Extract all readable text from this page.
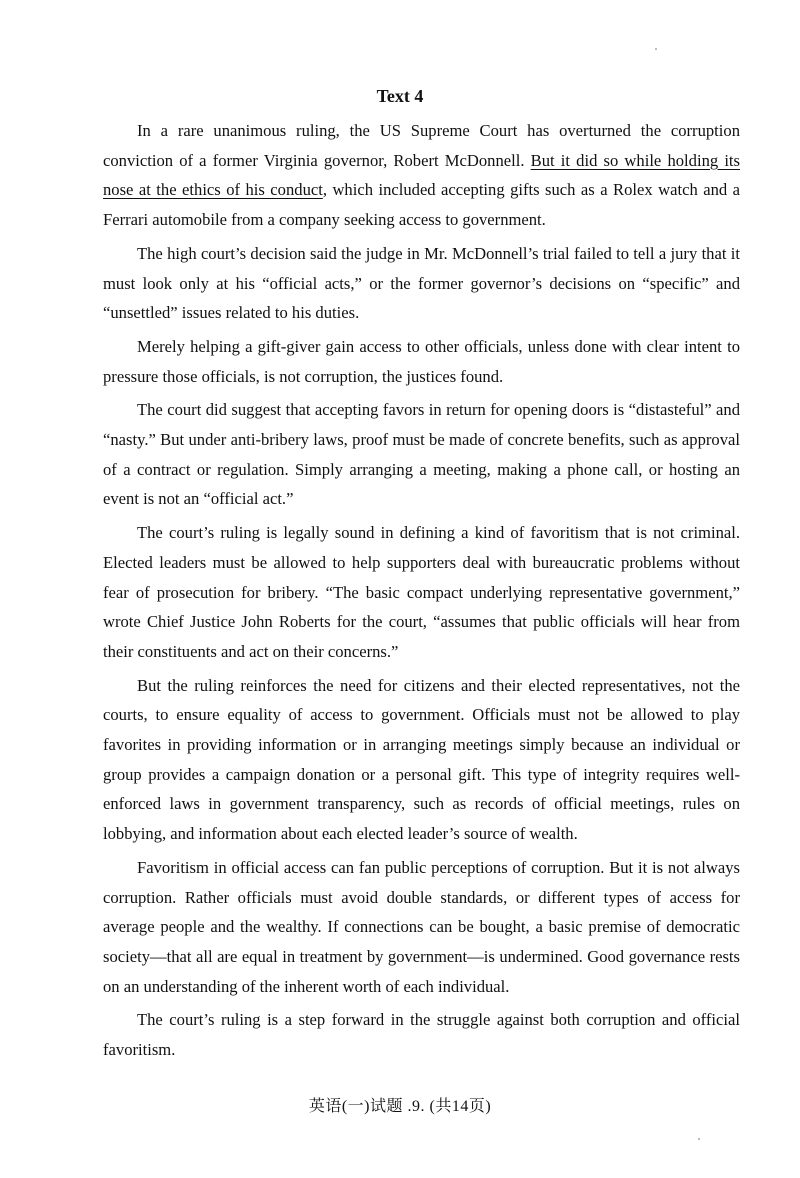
Text 4

In a rare unanimous ruling, the US Supreme Court has overturned the corruption conviction of a former Virginia governor, Robert McDonnell. But it did so while holding its nose at the ethics of his conduct, which included accepting gifts such as a Rolex watch and a Ferrari automobile from a company seeking access to government.

The high court’s decision said the judge in Mr. McDonnell’s trial failed to tell a jury that it must look only at his “official acts,” or the former governor’s decisions on “specific” and “unsettled” issues related to his duties.

Merely helping a gift-giver gain access to other officials, unless done with clear intent to pressure those officials, is not corruption, the justices found.

The court did suggest that accepting favors in return for opening doors is “distasteful” and “nasty.” But under anti-bribery laws, proof must be made of concrete benefits, such as approval of a contract or regulation. Simply arranging a meeting, making a phone call, or hosting an event is not an “official act.”

The court’s ruling is legally sound in defining a kind of favoritism that is not criminal. Elected leaders must be allowed to help supporters deal with bureaucratic problems without fear of prosecution for bribery. “The basic compact underlying representative government,” wrote Chief Justice John Roberts for the court, “assumes that public officials will hear from their constituents and act on their concerns.”

But the ruling reinforces the need for citizens and their elected representatives, not the courts, to ensure equality of access to government. Officials must not be allowed to play favorites in providing information or in arranging meetings simply because an individual or group provides a campaign donation or a personal gift. This type of integrity requires well-enforced laws in government transparency, such as records of official meetings, rules on lobbying, and information about each elected leader’s source of wealth.

Favoritism in official access can fan public perceptions of corruption. But it is not always corruption. Rather officials must avoid double standards, or different types of access for average people and the wealthy. If connections can be bought, a basic premise of democratic society—that all are equal in treatment by government—is undermined. Good governance rests on an understanding of the inherent worth of each individual.

The court’s ruling is a step forward in the struggle against both corruption and official favoritism.

英语(一)试题 .9. (共14页)
